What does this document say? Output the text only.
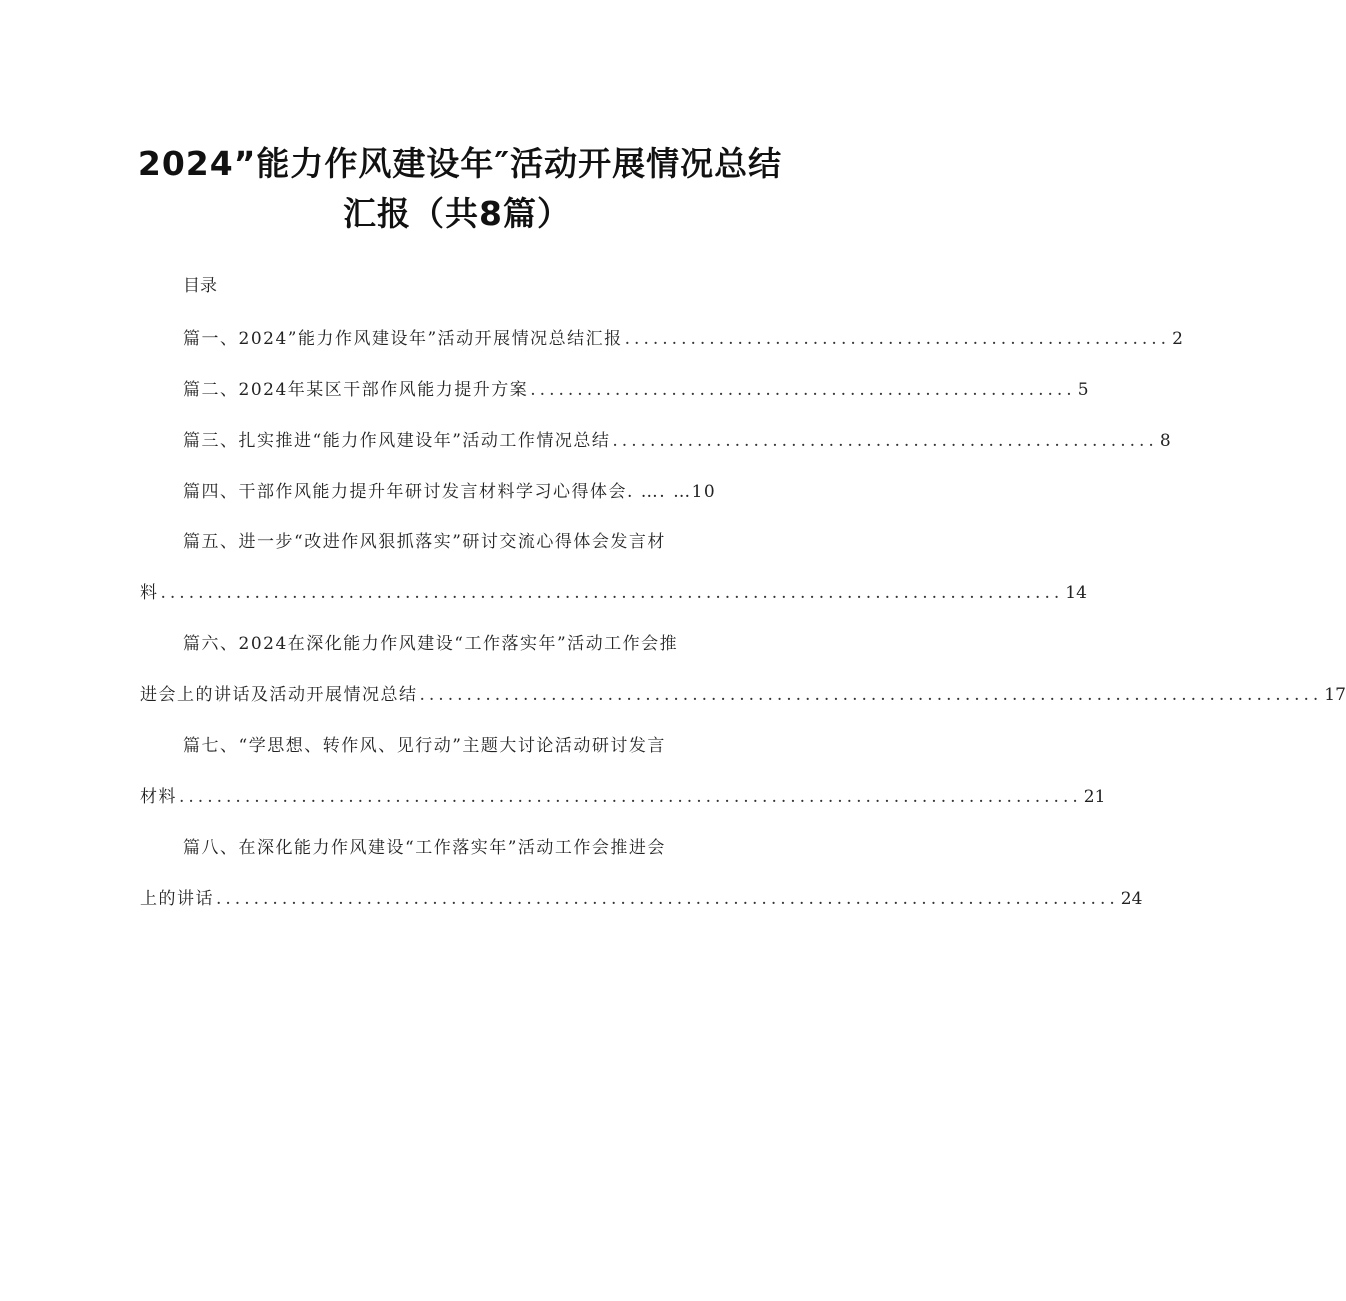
2024”能力作风建设年″活动开展情况总结
汇报（共8篇）
目录
篇一、2024”能力作风建设年”活动开展情况总结汇报 .......................................................... 2
篇二、2024年某区干部作风能力提升方案 .......................................................... 5
篇三、扎实推进“能力作风建设年”活动工作情况总结 .......................................................... 8
篇四、干部作风能力提升年研讨发言材料学习心得体会. …. …10
篇五、进一步“改进作风狠抓落实”研讨交流心得体会发言材
料 ................................................................................................ 14
篇六、2024在深化能力作风建设“工作落实年”活动工作会推
进会上的讲话及活动开展情况总结 ................................................................................................ 17
篇七、“学思想、转作风、见行动”主题大讨论活动研讨发言
材料 ................................................................................................ 21
篇八、在深化能力作风建设“工作落实年”活动工作会推进会
上的讲话 ................................................................................................ 24
